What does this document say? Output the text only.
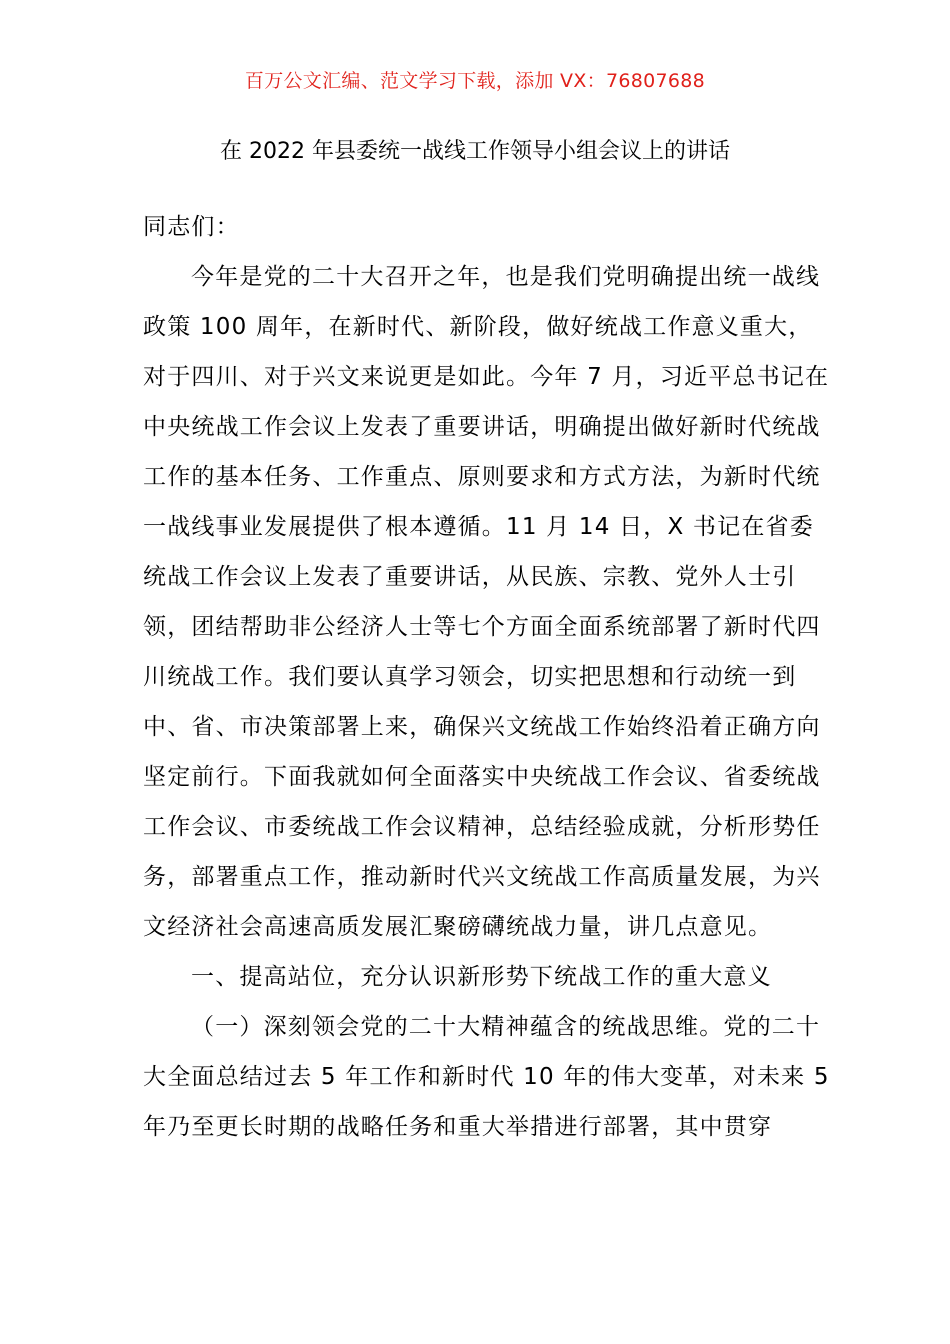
百万公文汇编、范文学习下载，添加 VX：76807688
在 2022 年县委统一战线工作领导小组会议上的讲话

同志们：

今年是党的二十大召开之年，也是我们党明确提出统一战线政策 100 周年，在新时代、新阶段，做好统战工作意义重大，对于四川、对于兴文来说更是如此。今年 7 月，习近平总书记在中央统战工作会议上发表了重要讲话，明确提出做好新时代统战工作的基本任务、工作重点、原则要求和方式方法，为新时代统一战线事业发展提供了根本遵循。11 月 14 日，X 书记在省委统战工作会议上发表了重要讲话，从民族、宗教、党外人士引领，团结帮助非公经济人士等七个方面全面系统部署了新时代四川统战工作。我们要认真学习领会，切实把思想和行动统一到中、省、市决策部署上来，确保兴文统战工作始终沿着正确方向坚定前行。下面我就如何全面落实中央统战工作会议、省委统战工作会议、市委统战工作会议精神，总结经验成就，分析形势任务，部署重点工作，推动新时代兴文统战工作高质量发展，为兴文经济社会高速高质发展汇聚磅礴统战力量，讲几点意见。

一、提高站位，充分认识新形势下统战工作的重大意义

（一）深刻领会党的二十大精神蕴含的统战思维。党的二十大全面总结过去 5 年工作和新时代 10 年的伟大变革，对未来 5 年乃至更长时期的战略任务和重大举措进行部署，其中贯穿
